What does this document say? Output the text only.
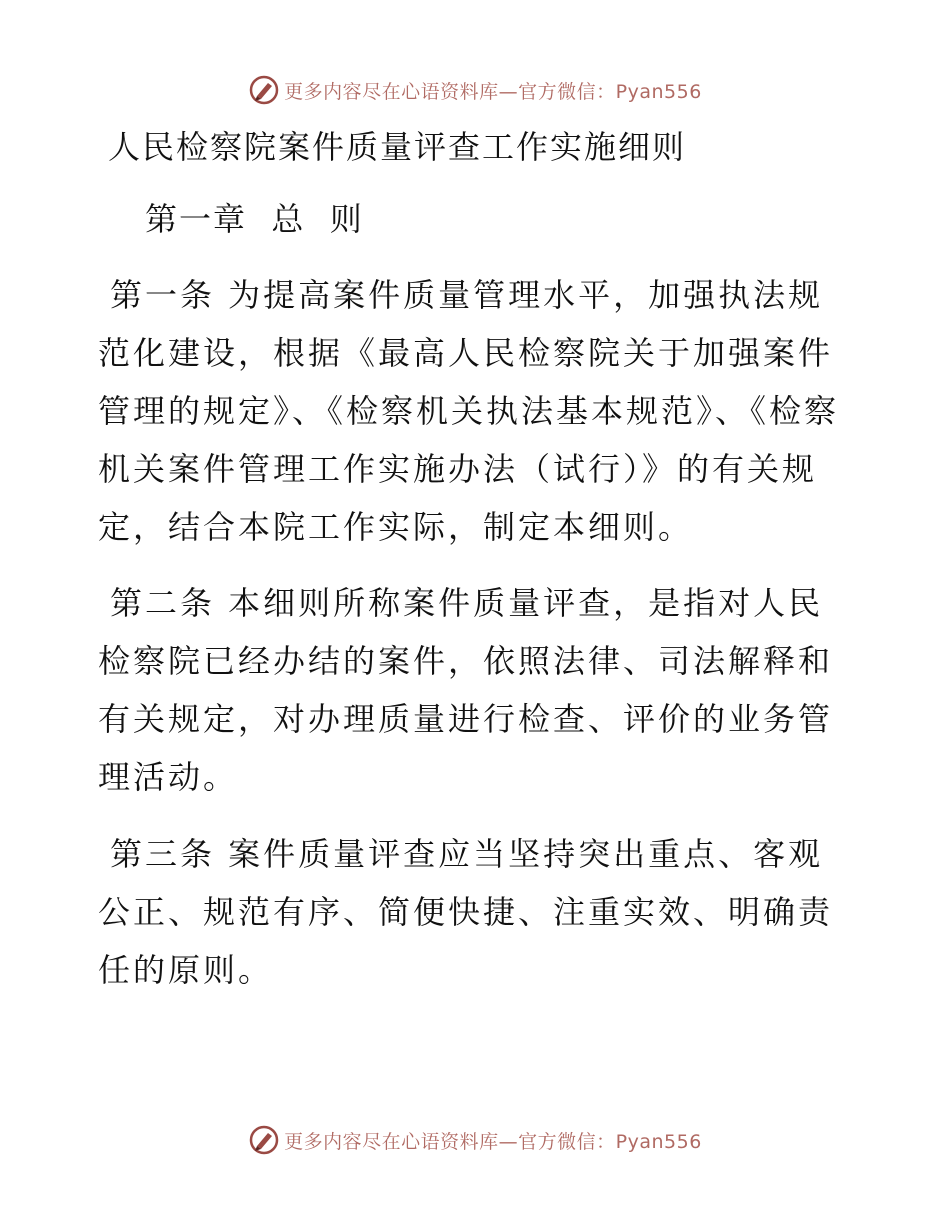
更多内容尽在心语资料库—官方微信：Pyan556
人民检察院案件质量评查工作实施细则
第一章  总  则

第一条 为提高案件质量管理水平，加强执法规范化建设，根据《最高人民检察院关于加强案件管理的规定》、《检察机关执法基本规范》、《检察机关案件管理工作实施办法（试行）》的有关规定，结合本院工作实际，制定本细则。

第二条 本细则所称案件质量评查，是指对人民检察院已经办结的案件，依照法律、司法解释和有关规定，对办理质量进行检查、评价的业务管理活动。

第三条 案件质量评查应当坚持突出重点、客观公正、规范有序、简便快捷、注重实效、明确责任的原则。

更多内容尽在心语资料库—官方微信：Pyan556
